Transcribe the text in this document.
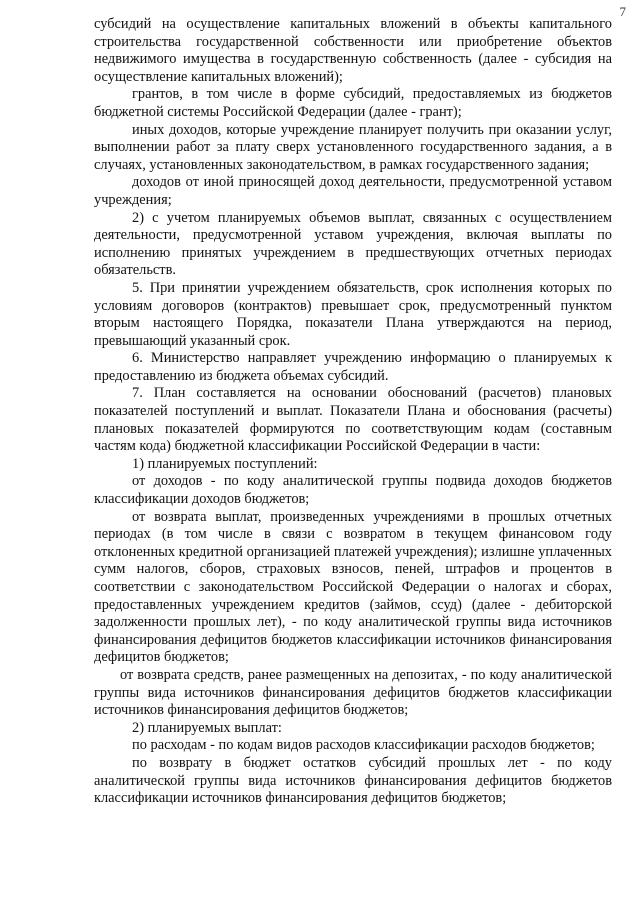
7

субсидий на осуществление капитальных вложений в объекты капитального строительства государственной собственности или приобретение объектов недвижимого имущества в государственную собственность (далее - субсидия на осуществление капитальных вложений);

грантов, в том числе в форме субсидий, предоставляемых из бюджетов бюджетной системы Российской Федерации (далее - грант);

иных доходов, которые учреждение планирует получить при оказании услуг, выполнении работ за плату сверх установленного государственного задания, а в случаях, установленных законодательством, в рамках государственного задания;

доходов от иной приносящей доход деятельности, предусмотренной уставом учреждения;

2) с учетом планируемых объемов выплат, связанных с осуществлением деятельности, предусмотренной уставом учреждения, включая выплаты по исполнению принятых учреждением в предшествующих отчетных периодах обязательств.

5. При принятии учреждением обязательств, срок исполнения которых по условиям договоров (контрактов) превышает срок, предусмотренный пунктом вторым настоящего Порядка, показатели Плана утверждаются на период, превышающий указанный срок.

6. Министерство направляет учреждению информацию о планируемых к предоставлению из бюджета объемах субсидий.

7. План составляется на основании обоснований (расчетов) плановых показателей поступлений и выплат. Показатели Плана и обоснования (расчеты) плановых показателей формируются по соответствующим кодам (составным частям кода) бюджетной классификации Российской Федерации в части:

1) планируемых поступлений:

от доходов - по коду аналитической группы подвида доходов бюджетов классификации доходов бюджетов;

от возврата выплат, произведенных учреждениями в прошлых отчетных периодах (в том числе в связи с возвратом в текущем финансовом году отклоненных кредитной организацией платежей учреждения); излишне уплаченных сумм налогов, сборов, страховых взносов, пеней, штрафов и процентов в соответствии с законодательством Российской Федерации о налогах и сборах, предоставленных учреждением кредитов (займов, ссуд) (далее - дебиторской задолженности прошлых лет), - по коду аналитической группы вида источников финансирования дефицитов бюджетов классификации источников финансирования дефицитов бюджетов;

от возврата средств, ранее размещенных на депозитах, - по коду аналитической группы вида источников финансирования дефицитов бюджетов классификации источников финансирования дефицитов бюджетов;

2) планируемых выплат:

по расходам - по кодам видов расходов классификации расходов бюджетов;

по возврату в бюджет остатков субсидий прошлых лет - по коду аналитической группы вида источников финансирования дефицитов бюджетов классификации источников финансирования дефицитов бюджетов;
